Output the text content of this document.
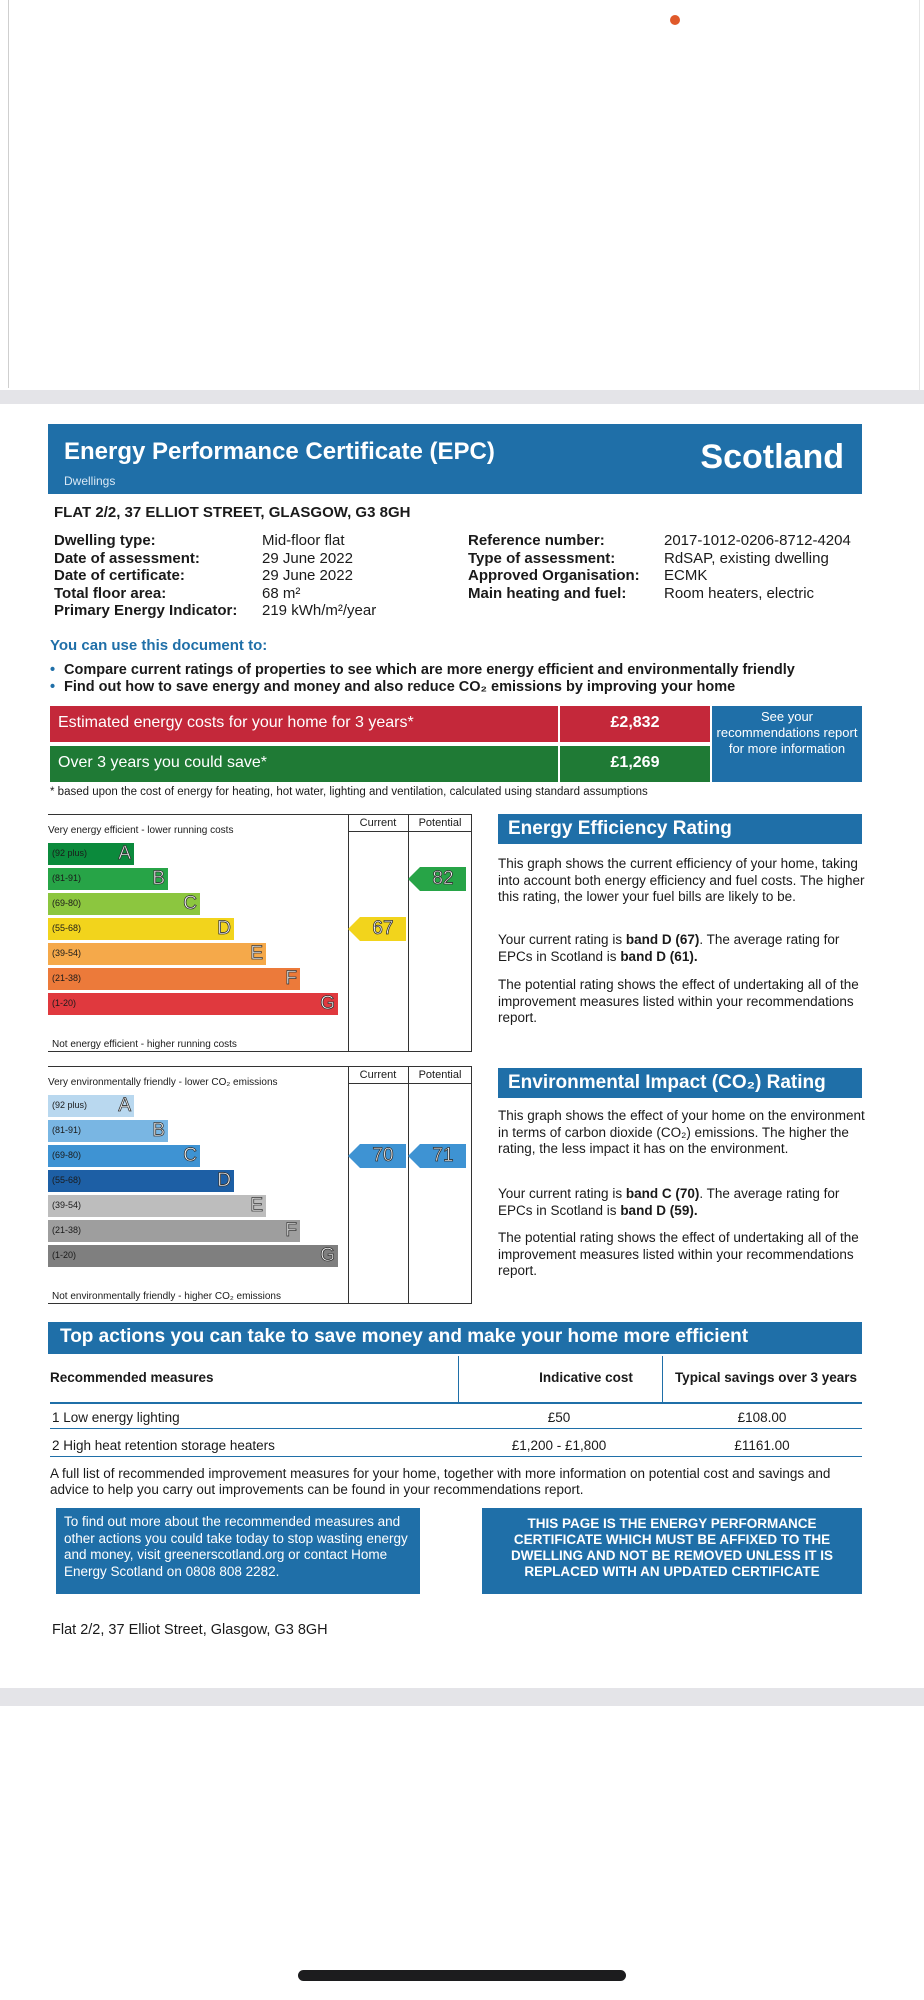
Energy Performance Certificate (EPC)
Dwellings
Scotland
FLAT 2/2, 37 ELLIOT STREET, GLASGOW, G3 8GH
Dwelling type:	Mid-floor flat
Date of assessment:	29 June 2022
Date of certificate:	29 June 2022
Total floor area:	68 m²
Primary Energy Indicator: 219 kWh/m²/year
Reference number:	2017-1012-0206-8712-4204
Type of assessment:	RdSAP, existing dwelling
Approved Organisation: ECMK
Main heating and fuel:	Room heaters, electric
You can use this document to:
• Compare current ratings of properties to see which are more energy efficient and environmentally friendly
• Find out how to save energy and money and also reduce CO₂ emissions by improving your home
Estimated energy costs for your home for 3 years*	£2,832
Over 3 years you could save*	£1,269
See your recommendations report for more information
* based upon the cost of energy for heating, hot water, lighting and ventilation, calculated using standard assumptions
Current	Potential
Very energy efficient - lower running costs
Not energy efficient - higher running costs
(92 plus) A
(81-91)	B
(69-80)	C
(55-68)	D
(39-54)	E
(21-38)	F
(1-20)	G
67
82
Energy Efficiency Rating
This graph shows the current efficiency of your home, taking into account both energy efficiency and fuel costs. The higher this rating, the lower your fuel bills are likely to be.
Your current rating is band D (67). The average rating for EPCs in Scotland is band D (61).
The potential rating shows the effect of undertaking all of the improvement measures listed within your recommendations report.
Current	Potential
Very environmentally friendly - lower CO₂ emissions
Not environmentally friendly - higher CO₂ emissions
(92 plus) A
(81-91)	B
(69-80)	C
(55-68)	D
(39-54)	E
(21-38)	F
(1-20)	G
70	71
Environmental Impact (CO₂) Rating
This graph shows the effect of your home on the environment in terms of carbon dioxide (CO₂) emissions. The higher the rating, the less impact it has on the environment.
Your current rating is band C (70). The average rating for EPCs in Scotland is band D (59).
The potential rating shows the effect of undertaking all of the improvement measures listed within your recommendations report.
Top actions you can take to save money and make your home more efficient
Recommended measures	Indicative cost	Typical savings over 3 years
1 Low energy lighting	£50	£108.00
2 High heat retention storage heaters	£1,200 - £1,800	£1161.00
A full list of recommended improvement measures for your home, together with more information on potential cost and savings and advice to help you carry out improvements can be found in your recommendations report.
To find out more about the recommended measures and other actions you could take today to stop wasting energy and money, visit greenerscotland.org or contact Home Energy Scotland on 0808 808 2282.
THIS PAGE IS THE ENERGY PERFORMANCE CERTIFICATE WHICH MUST BE AFFIXED TO THE DWELLING AND NOT BE REMOVED UNLESS IT IS REPLACED WITH AN UPDATED CERTIFICATE
Flat 2/2, 37 Elliot Street, Glasgow, G3 8GH
